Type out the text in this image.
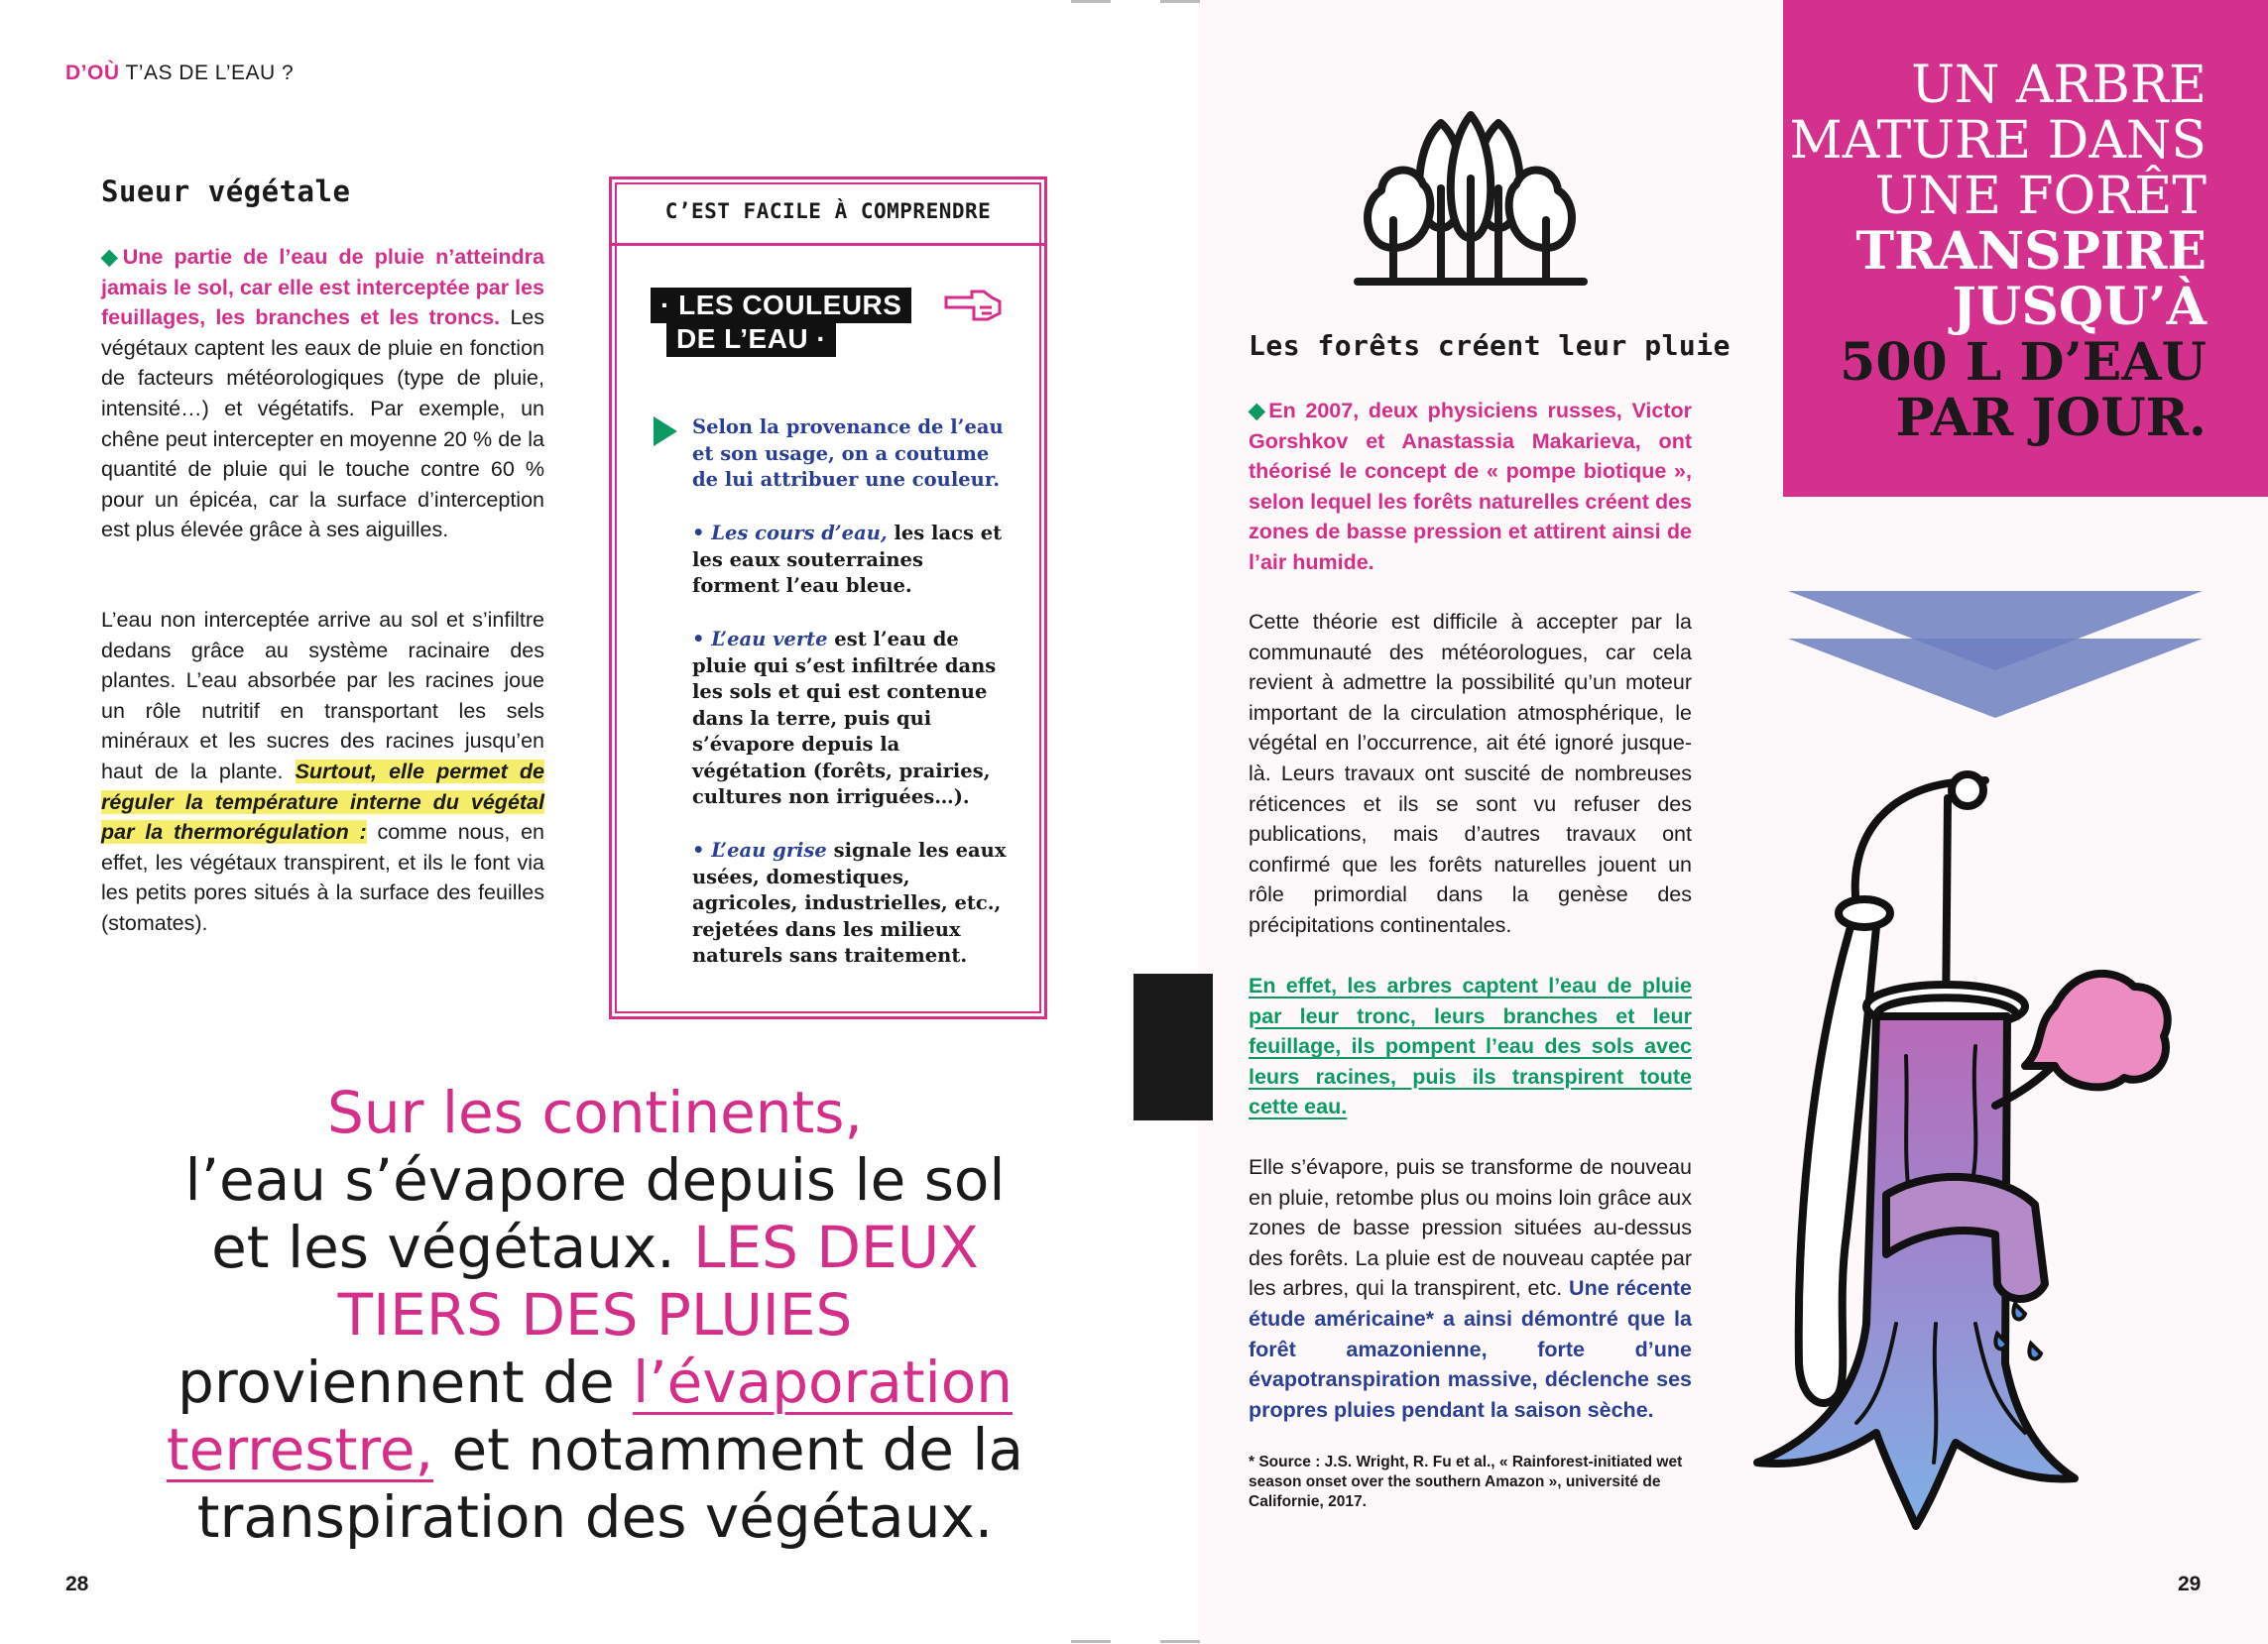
D’OÙ T’AS DE L’EAU ?
Sueur végétale
◆Une partie de l’eau de pluie n’atteindra jamais le sol, car elle est interceptée par les feuillages, les branches et les troncs. Les végétaux captent les eaux de pluie en fonction de facteurs météorologiques (type de pluie, intensité…) et végétatifs. Par exemple, un chêne peut intercepter en moyenne 20 % de la quantité de pluie qui le touche contre 60 % pour un épicéa, car la surface d’interception est plus élevée grâce à ses aiguilles.
L’eau non interceptée arrive au sol et s’infiltre dedans grâce au système racinaire des plantes. L’eau absorbée par les racines joue un rôle nutritif en transportant les sels minéraux et les sucres des racines jusqu’en haut de la plante. Surtout, elle permet de réguler la température interne du végétal par la thermorégulation : comme nous, en effet, les végétaux transpirent, et ils le font via les petits pores situés à la surface des feuilles (stomates).
C’EST FACILE À COMPRENDRE
· LES COULEURS
DE L’EAU ·
Selon la provenance de l’eau et son usage, on a coutume de lui attribuer une couleur.
• Les cours d’eau, les lacs et les eaux souterraines forment l’eau bleue.
• L’eau verte est l’eau de pluie qui s’est infiltrée dans les sols et qui est contenue dans la terre, puis qui s’évapore depuis la végétation (forêts, prairies, cultures non irriguées…).
• L’eau grise signale les eaux usées, domestiques, agricoles, industrielles, etc., rejetées dans les milieux naturels sans traitement.
Sur les continents,
l’eau s’évapore depuis le sol
et les végétaux. LES DEUX
TIERS DES PLUIES
proviennent de l’évaporation
terrestre, et notamment de la
transpiration des végétaux.
28
Les forêts créent leur pluie
◆En 2007, deux physiciens russes, Victor Gorshkov et Anastassia Makarieva, ont théorisé le concept de « pompe biotique », selon lequel les forêts naturelles créent des zones de basse pression et attirent ainsi de l’air humide.
Cette théorie est difficile à accepter par la communauté des météorologues, car cela revient à admettre la possibilité qu’un moteur important de la circulation atmosphérique, le végétal en l’occurrence, ait été ignoré jusque-là. Leurs travaux ont suscité de nombreuses réticences et ils se sont vu refuser des publications, mais d’autres travaux ont confirmé que les forêts naturelles jouent un rôle primordial dans la genèse des précipitations continentales.
En effet, les arbres captent l’eau de pluie par leur tronc, leurs branches et leur feuillage, ils pompent l’eau des sols avec leurs racines, puis ils transpirent toute cette eau.
Elle s’évapore, puis se transforme de nouveau en pluie, retombe plus ou moins loin grâce aux zones de basse pression situées au-dessus des forêts. La pluie est de nouveau captée par les arbres, qui la transpirent, etc. Une récente étude américaine* a ainsi démontré que la forêt amazonienne, forte d’une évapotranspiration massive, déclenche ses propres pluies pendant la saison sèche.
* Source : J.S. Wright, R. Fu et al., « Rainforest-initiated wet season onset over the southern Amazon », université de Californie, 2017.
UN ARBRE
MATURE DANS
UNE FORÊT
TRANSPIRE
JUSQU’À
500 L D’EAU
PAR JOUR.
29
